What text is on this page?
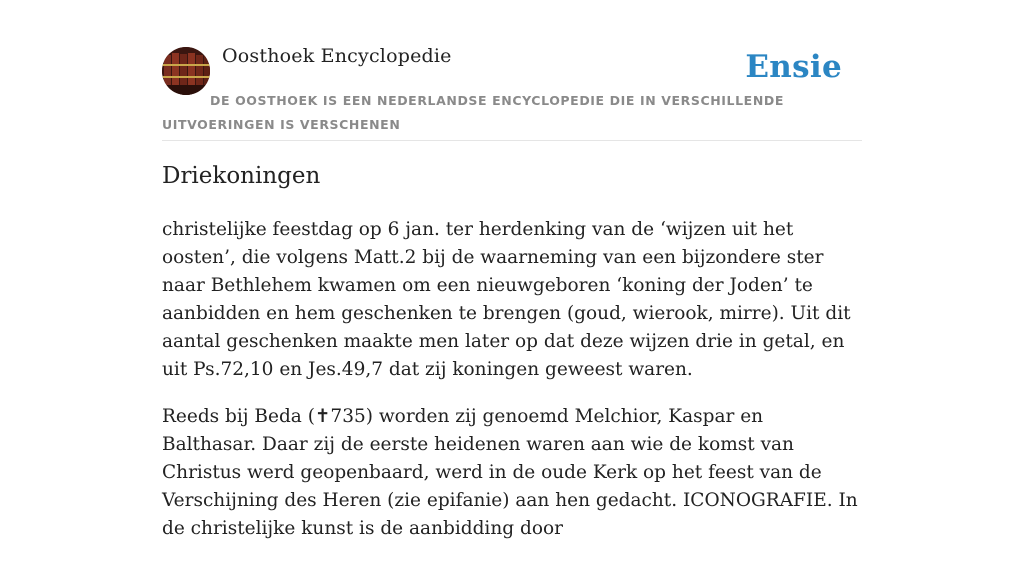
Oosthoek Encyclopedie	Ensie
DE OOSTHOEK IS EEN NEDERLANDSE ENCYCLOPEDIE DIE IN VERSCHILLENDE UITVOERINGEN IS VERSCHENEN
Driekoningen

christelijke feestdag op 6 jan. ter herdenking van de ‘wijzen uit het oosten’, die volgens Matt.2 bij de waarneming van een bijzondere ster naar Bethlehem kwamen om een nieuwgeboren ‘koning der Joden’ te aanbidden en hem geschenken te brengen (goud, wierook, mirre). Uit dit aantal geschenken maakte men later op dat deze wijzen drie in getal, en uit Ps.72,10 en Jes.49,7 dat zij koningen geweest waren.

Reeds bij Beda (✝735) worden zij genoemd Melchior, Kaspar en Balthasar. Daar zij de eerste heidenen waren aan wie de komst van Christus werd geopenbaard, werd in de oude Kerk op het feest van de Verschijning des Heren (zie epifanie) aan hen gedacht. ICONOGRAFIE. In de christelijke kunst is de aanbidding door
